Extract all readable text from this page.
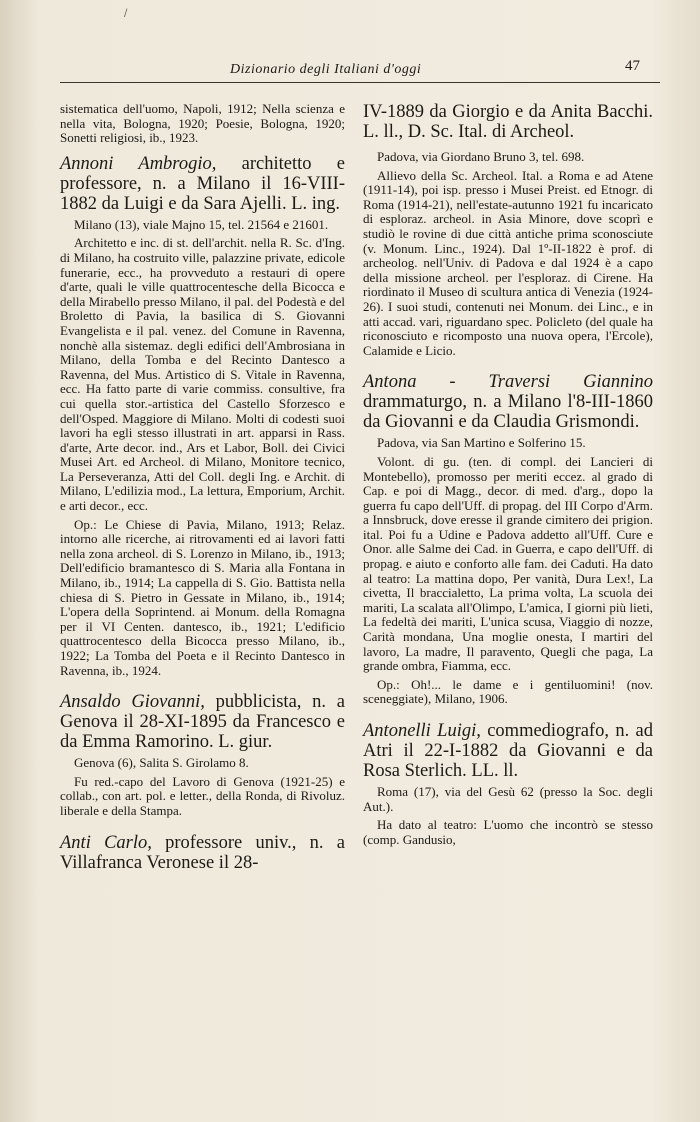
Dizionario degli Italiani d'oggi	47
/

sistematica dell'uomo, Napoli, 1912; Nella scienza e nella vita, Bologna, 1920; Poesie, Bologna, 1920; Sonetti religiosi, ib., 1923.

Annoni Ambrogio, architetto e professore, n. a Milano il 16-VIII-1882 da Luigi e da Sara Ajelli. L. ing.

Milano (13), viale Majno 15, tel. 21564 e 21601.

Architetto e inc. di st. dell'archit. nella R. Sc. d'Ing. di Milano, ha costruito ville, palazzine private, edicole funerarie, ecc., ha provveduto a restauri di opere d'arte, quali le ville quattrocentesche della Bicocca e della Mirabello presso Milano, il pal. del Podestà e del Broletto di Pavia, la basilica di S. Giovanni Evangelista e il pal. venez. del Comune in Ravenna, nonchè alla sistemaz. degli edifici dell'Ambrosiana in Milano, della Tomba e del Recinto Dantesco a Ravenna, del Mus. Artistico di S. Vitale in Ravenna, ecc. Ha fatto parte di varie commiss. consultive, fra cui quella stor.-artistica del Castello Sforzesco e dell'Osped. Maggiore di Milano. Molti di codesti suoi lavori ha egli stesso illustrati in art. apparsi in Rass. d'arte, Arte decor. ind., Ars et Labor, Boll. dei Civici Musei Art. ed Archeol. di Milano, Monitore tecnico, La Perseveranza, Atti del Coll. degli Ing. e Archit. di Milano, L'edilizia mod., La lettura, Emporium, Archit. e arti decor., ecc.

Op.: Le Chiese di Pavia, Milano, 1913; Relaz. intorno alle ricerche, ai ritrovamenti ed ai lavori fatti nella zona archeol. di S. Lorenzo in Milano, ib., 1913; Dell'edificio bramantesco di S. Maria alla Fontana in Milano, ib., 1914; La cappella di S. Gio. Battista nella chiesa di S. Pietro in Gessate in Milano, ib., 1914; L'opera della Soprintend. ai Monum. della Romagna per il VI Centen. dantesco, ib., 1921; L'edificio quattrocentesco della Bicocca presso Milano, ib., 1922; La Tomba del Poeta e il Recinto Dantesco in Ravenna, ib., 1924.

Ansaldo Giovanni, pubblicista, n. a Genova il 28-XI-1895 da Francesco e da Emma Ramorino. L. giur.

Genova (6), Salita S. Girolamo 8.

Fu red.-capo del Lavoro di Genova (1921-25) e collab., con art. pol. e letter., della Ronda, di Rivoluz. liberale e della Stampa.

Anti Carlo, professore univ., n. a Villafranca Veronese il 28-

IV-1889 da Giorgio e da Anita Bacchi. L. ll., D. Sc. Ital. di Archeol.

Padova, via Giordano Bruno 3, tel. 698.

Allievo della Sc. Archeol. Ital. a Roma e ad Atene (1911-14), poi isp. presso i Musei Preist. ed Etnogr. di Roma (1914-21), nell'estate-autunno 1921 fu incaricato di esploraz. archeol. in Asia Minore, dove scoprì e studiò le rovine di due città antiche prima sconosciute (v. Monum. Linc., 1924). Dal 1º-II-1822 è prof. di archeolog. nell'Univ. di Padova e dal 1924 è a capo della missione archeol. per l'esploraz. di Cirene. Ha riordinato il Museo di scultura antica di Venezia (1924-26). I suoi studi, contenuti nei Monum. dei Linc., e in atti accad. vari, riguardano spec. Policleto (del quale ha riconosciuto e ricomposto una nuova opera, l'Ercole), Calamide e Licio.

Antona - Traversi Giannino drammaturgo, n. a Milano l'8-III-1860 da Giovanni e da Claudia Grismondi.

Padova, via San Martino e Solferino 15.

Volont. di gu. (ten. di compl. dei Lancieri di Montebello), promosso per meriti eccez. al grado di Cap. e poi di Magg., decor. di med. d'arg., dopo la guerra fu capo dell'Uff. di propag. del III Corpo d'Arm. a Innsbruck, dove eresse il grande cimitero dei prigion. ital. Poi fu a Udine e Padova addetto all'Uff. Cure e Onor. alle Salme dei Cad. in Guerra, e capo dell'Uff. di propag. e aiuto e conforto alle fam. dei Caduti. Ha dato al teatro: La mattina dopo, Per vanità, Dura Lex!, La civetta, Il braccialetto, La prima volta, La scuola dei mariti, La scalata all'Olimpo, L'amica, I giorni più lieti, La fedeltà dei mariti, L'unica scusa, Viaggio di nozze, Carità mondana, Una moglie onesta, I martiri del lavoro, La madre, Il paravento, Quegli che paga, La grande ombra, Fiamma, ecc.

Op.: Oh!... le dame e i gentiluomini! (nov. sceneggiate), Milano, 1906.

Antonelli Luigi, commediografo, n. ad Atri il 22-I-1882 da Giovanni e da Rosa Sterlich. LL. ll.

Roma (17), via del Gesù 62 (presso la Soc. degli Aut.).

Ha dato al teatro: L'uomo che incontrò se stesso (comp. Gandusio,
